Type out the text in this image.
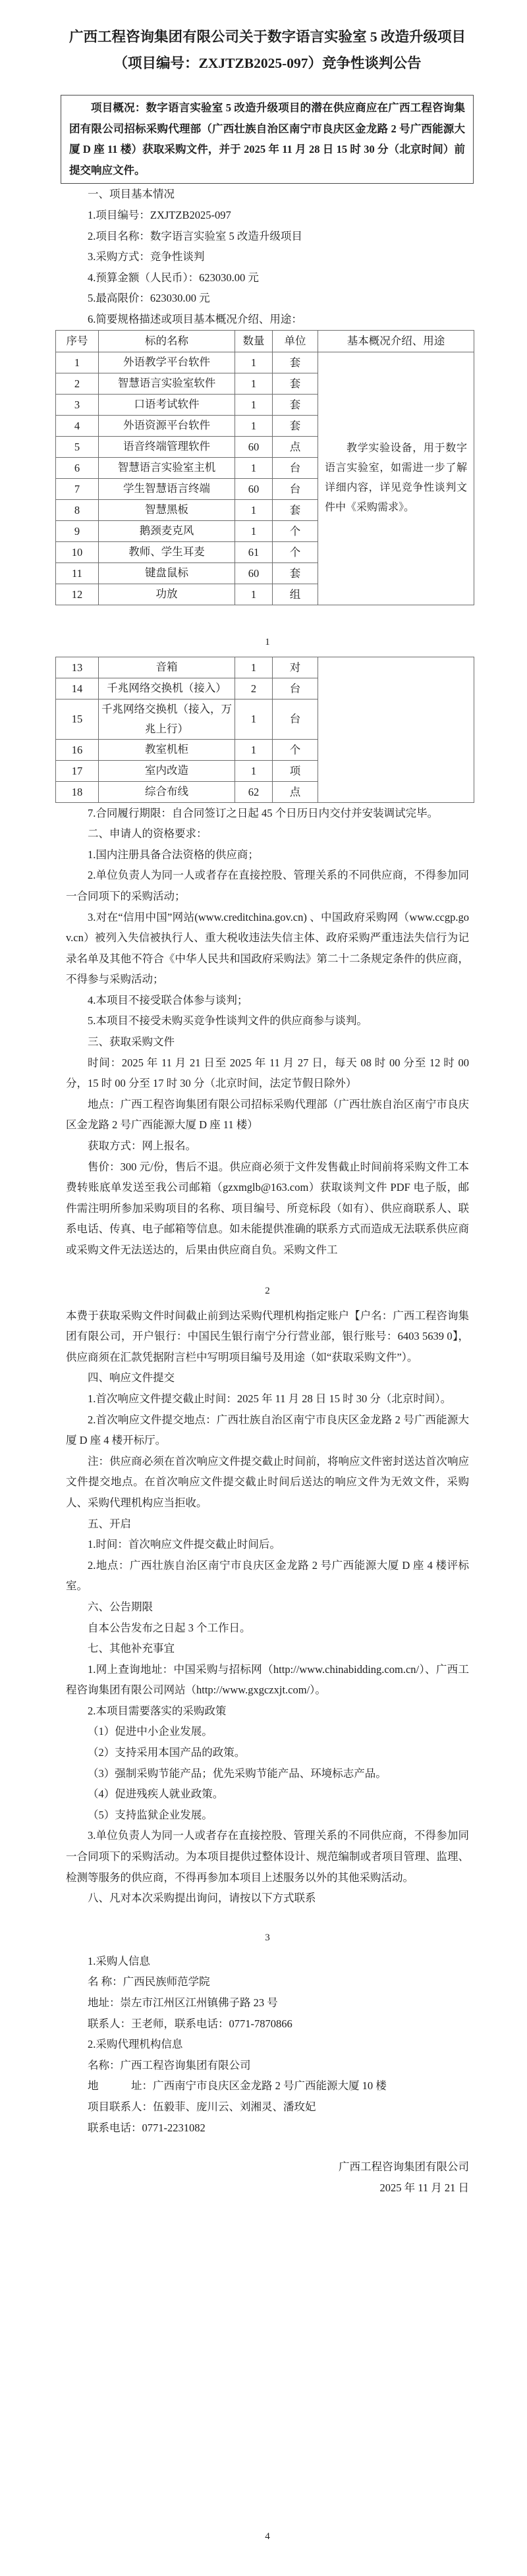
广西工程咨询集团有限公司关于数字语言实验室 5 改造升级项目
（项目编号：ZXJTZB2025-097）竞争性谈判公告

项目概况：数字语言实验室 5 改造升级项目的潜在供应商应在广西工程咨询集团有限公司招标采购代理部（广西壮族自治区南宁市良庆区金龙路 2 号广西能源大厦 D 座 11 楼）获取采购文件，并于 2025 年 11 月 28 日 15 时 30 分（北京时间）前提交响应文件。

一、项目基本情况

1.项目编号：ZXJTZB2025-097

2.项目名称：数字语言实验室 5 改造升级项目

3.采购方式：竞争性谈判

4.预算金额（人民币）：623030.00 元

5.最高限价：623030.00 元

6.简要规格描述或项目基本概况介绍、用途：

序号	标的名称	数量	单位	基本概况介绍、用途
1	外语教学平台软件	1	套	教学实验设备，用于数字语言实验室，如需进一步了解详细内容，详见竞争性谈判文件中《采购需求》。

2	智慧语言实验室软件	1	套	
3	口语考试软件	1	套	
4	外语资源平台软件	1	套	
5	语音终端管理软件	60	点	
6	智慧语言实验室主机	1	台	
7	学生智慧语言终端	60	台	
8	智慧黑板	1	套	
9	鹅颈麦克风	1	个	
10	教师、学生耳麦	61	个	
11	键盘鼠标	60	套	
12	功放	1	组	
1
13	音箱	1	对	
14	千兆网络交换机（接入）	2	台	
15	千兆网络交换机（接入，万兆上行）	1	台	
16	教室机柜	1	个	
17	室内改造	1	项	
18	综合布线	62	点	

7.合同履行期限：自合同签订之日起 45 个日历日内交付并安装调试完毕。

二、申请人的资格要求：

1.国内注册具备合法资格的供应商；

2.单位负责人为同一人或者存在直接控股、管理关系的不同供应商，不得参加同一合同项下的采购活动；

3.对在“信用中国”网站(www.creditchina.gov.cn) 、中国政府采购网（www.ccgp.gov.cn）被列入失信被执行人、重大税收违法失信主体、政府采购严重违法失信行为记录名单及其他不符合《中华人民共和国政府采购法》第二十二条规定条件的供应商，不得参与采购活动；

4.本项目不接受联合体参与谈判；

5.本项目不接受未购买竞争性谈判文件的供应商参与谈判。

三、获取采购文件

时间：2025 年 11 月 21 日至 2025 年 11 月 27 日，每天 08 时 00 分至 12 时 00 分，15 时 00 分至 17 时 30 分（北京时间，法定节假日除外）

地点：广西工程咨询集团有限公司招标采购代理部（广西壮族自治区南宁市良庆区金龙路 2 号广西能源大厦 D 座 11 楼）

获取方式：网上报名。

售价：300 元/份，售后不退。供应商必须于文件发售截止时间前将采购文件工本费转账底单发送至我公司邮箱（gzxmglb@163.com）获取谈判文件 PDF 电子版，邮件需注明所参加采购项目的名称、项目编号、所竞标段（如有）、供应商联系人、联系电话、传真、电子邮箱等信息。如未能提供准确的联系方式而造成无法联系供应商或采购文件无法送达的，后果由供应商自负。采购文件工

2

本费于获取采购文件时间截止前到达采购代理机构指定账户【户名：广西工程咨询集团有限公司，开户银行：中国民生银行南宁分行营业部，银行账号：6403 5639 0】，供应商须在汇款凭据附言栏中写明项目编号及用途（如“获取采购文件”）。

四、响应文件提交

1.首次响应文件提交截止时间：2025 年 11 月 28 日 15 时 30 分（北京时间）。

2.首次响应文件提交地点：广西壮族自治区南宁市良庆区金龙路 2 号广西能源大厦 D 座 4 楼开标厅。

注：供应商必须在首次响应文件提交截止时间前，将响应文件密封送达首次响应文件提交地点。在首次响应文件提交截止时间后送达的响应文件为无效文件，采购人、采购代理机构应当拒收。

五、开启

1.时间：首次响应文件提交截止时间后。

2.地点：广西壮族自治区南宁市良庆区金龙路 2 号广西能源大厦 D 座 4 楼评标室。

六、公告期限

自本公告发布之日起 3 个工作日。

七、其他补充事宜

1.网上查询地址：中国采购与招标网（http://www.chinabidding.com.cn/）、广西工程咨询集团有限公司网站（http://www.gxgczxjt.com/）。

2.本项目需要落实的采购政策

（1）促进中小企业发展。

（2）支持采用本国产品的政策。

（3）强制采购节能产品；优先采购节能产品、环境标志产品。

（4）促进残疾人就业政策。

（5）支持监狱企业发展。

3.单位负责人为同一人或者存在直接控股、管理关系的不同供应商，不得参加同一合同项下的采购活动。为本项目提供过整体设计、规范编制或者项目管理、监理、检测等服务的供应商，不得再参加本项目上述服务以外的其他采购活动。

八、凡对本次采购提出询问，请按以下方式联系

3

1.采购人信息

名 称：广西民族师范学院

地址：崇左市江州区江州镇佛子路 23 号

联系人：王老师，联系电话：0771-7870866

2.采购代理机构信息

名称：广西工程咨询集团有限公司

地　　　址：广西南宁市良庆区金龙路 2 号广西能源大厦 10 楼

项目联系人：伍毅菲、庞川云、刘湘灵、潘玫妃

联系电话：0771-2231082

广西工程咨询集团有限公司

2025 年 11 月 21 日

4
